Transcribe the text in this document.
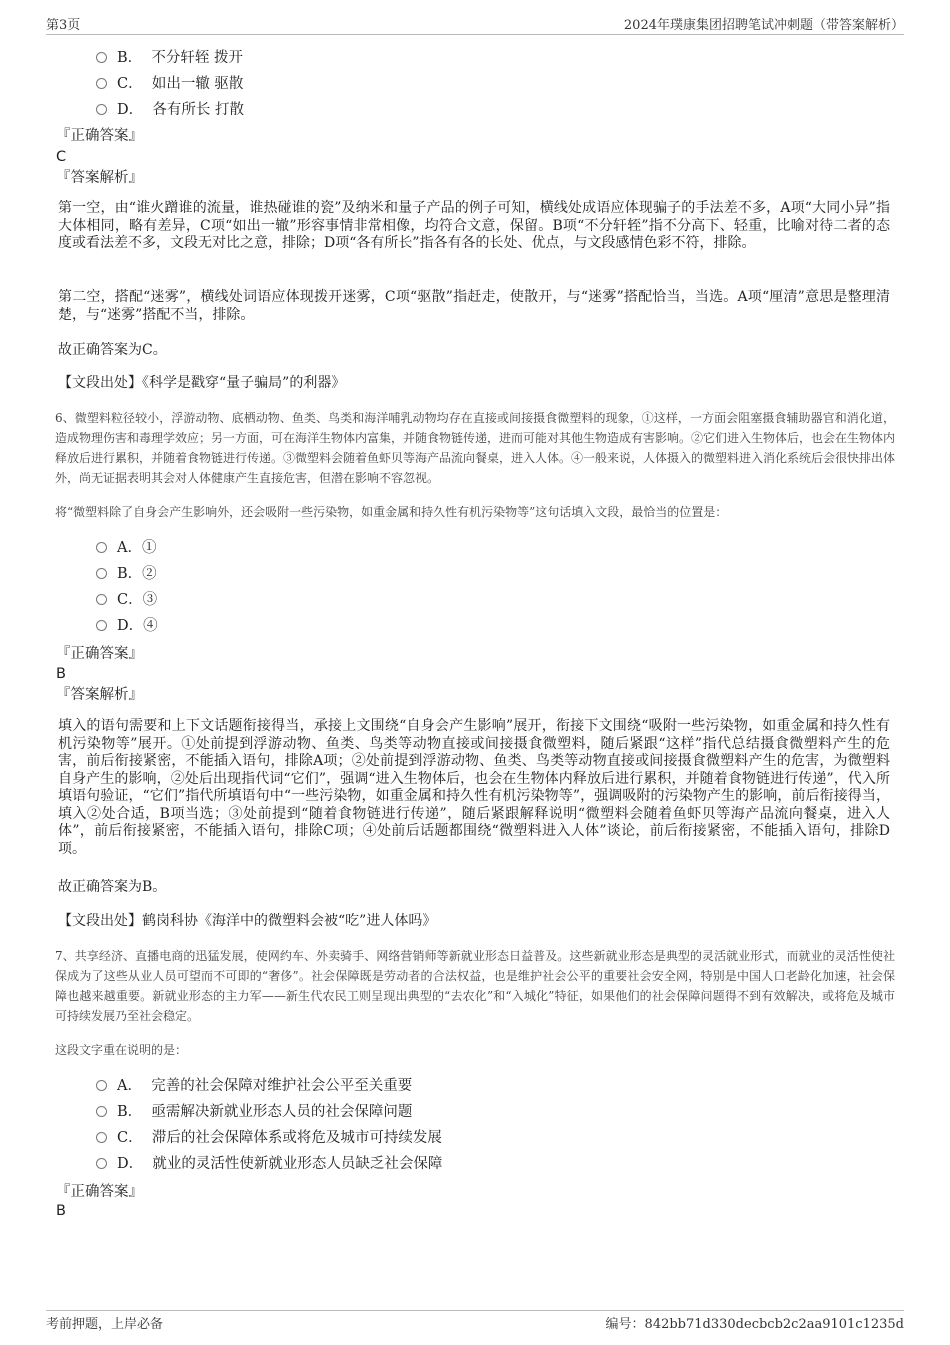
第3页	2024年璞康集团招聘笔试冲刺题（带答案解析）
B． 不分轩轾 拨开
C． 如出一辙 驱散
D． 各有所长 打散
『正确答案』
C
『答案解析』
第一空，由“谁火蹭谁的流量，谁热碰谁的瓷”及纳米和量子产品的例子可知，横线处成语应体现骗子的手法差不多，A项“大同小异”指大体相同，略有差异，C项“如出一辙”形容事情非常相像，均符合文意，保留。B项“不分轩轾”指不分高下、轻重，比喻对待二者的态度或看法差不多，文段无对比之意，排除；D项“各有所长”指各有各的长处、优点，与文段感情色彩不符，排除。
第二空，搭配“迷雾”，横线处词语应体现拨开迷雾，C项“驱散”指赶走，使散开，与“迷雾”搭配恰当，当选。A项“厘清”意思是整理清楚，与“迷雾”搭配不当，排除。
故正确答案为C。
【文段出处】《科学是戳穿“量子骗局”的利器》
6、微塑料粒径较小，浮游动物、底栖动物、鱼类、鸟类和海洋哺乳动物均存在直接或间接摄食微塑料的现象，①这样，一方面会阻塞摄食辅助器官和消化道，造成物理伤害和毒理学效应；另一方面，可在海洋生物体内富集，并随食物链传递，进而可能对其他生物造成有害影响。②它们进入生物体后，也会在生物体内释放后进行累积，并随着食物链进行传递。③微塑料会随着鱼虾贝等海产品流向餐桌，进入人体。④一般来说，人体摄入的微塑料进入消化系统后会很快排出体外，尚无证据表明其会对人体健康产生直接危害，但潜在影响不容忽视。
将“微塑料除了自身会产生影响外，还会吸附一些污染物，如重金属和持久性有机污染物等”这句话填入文段，最恰当的位置是：
A．①
B．②
C．③
D．④
『正确答案』
B
『答案解析』
填入的语句需要和上下文话题衔接得当，承接上文围绕“自身会产生影响”展开，衔接下文围绕“吸附一些污染物，如重金属和持久性有机污染物等”展开。①处前提到浮游动物、鱼类、鸟类等动物直接或间接摄食微塑料，随后紧跟“这样”指代总结摄食微塑料产生的危害，前后衔接紧密，不能插入语句，排除A项；②处前提到浮游动物、鱼类、鸟类等动物直接或间接摄食微塑料产生的危害，为微塑料自身产生的影响，②处后出现指代词“它们”，强调“进入生物体后，也会在生物体内释放后进行累积，并随着食物链进行传递”，代入所填语句验证，“它们”指代所填语句中“一些污染物，如重金属和持久性有机污染物等”，强调吸附的污染物产生的影响，前后衔接得当，填入②处合适，B项当选；③处前提到“随着食物链进行传递”，随后紧跟解释说明“微塑料会随着鱼虾贝等海产品流向餐桌，进入人体”，前后衔接紧密，不能插入语句，排除C项；④处前后话题都围绕“微塑料进入人体”谈论，前后衔接紧密，不能插入语句，排除D项。
故正确答案为B。
【文段出处】鹤岗科协《海洋中的微塑料会被“吃”进人体吗》
7、共享经济、直播电商的迅猛发展，使网约车、外卖骑手、网络营销师等新就业形态日益普及。这些新就业形态是典型的灵活就业形式，而就业的灵活性使社保成为了这些从业人员可望而不可即的“奢侈”。社会保障既是劳动者的合法权益，也是维护社会公平的重要社会安全网，特别是中国人口老龄化加速，社会保障也越来越重要。新就业形态的主力军——新生代农民工则呈现出典型的“去农化”和“入城化”特征，如果他们的社会保障问题得不到有效解决，或将危及城市可持续发展乃至社会稳定。
这段文字重在说明的是：
A． 完善的社会保障对维护社会公平至关重要
B． 亟需解决新就业形态人员的社会保障问题
C． 滞后的社会保障体系或将危及城市可持续发展
D． 就业的灵活性使新就业形态人员缺乏社会保障
『正确答案』
B
考前押题，上岸必备	编号：842bb71d330decbcb2c2aa9101c1235d
